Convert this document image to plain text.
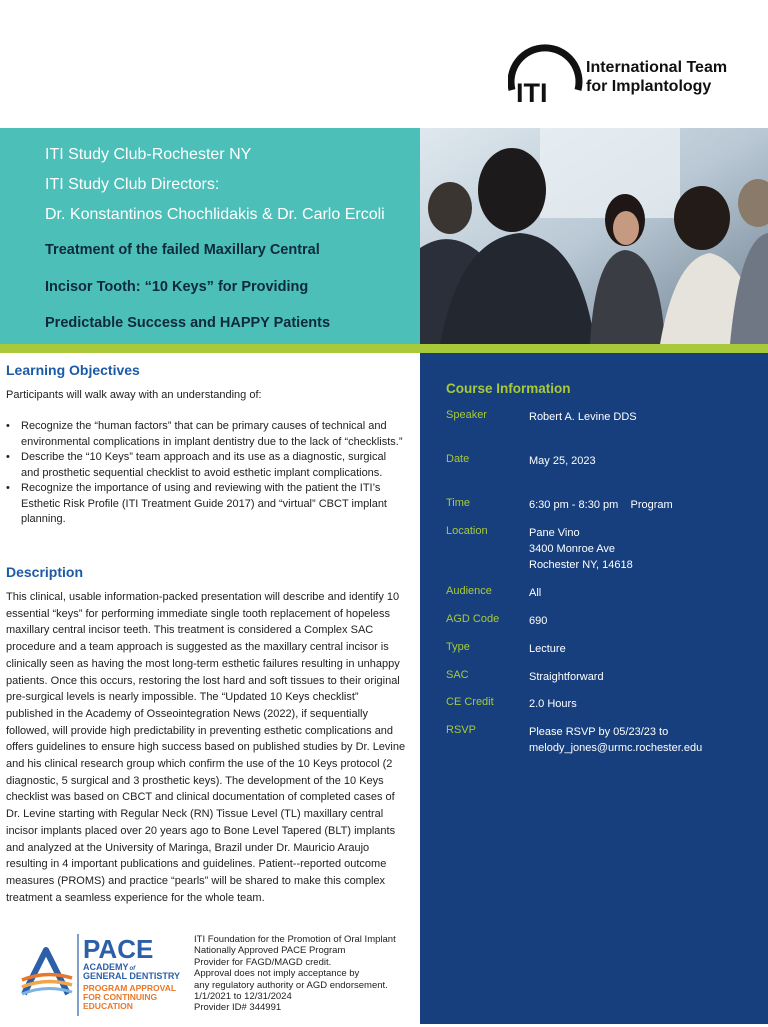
ITI
International Team
for Implantology
ITI Study Club-Rochester NY
ITI Study Club Directors:
Dr. Konstantinos Chochlidakis & Dr. Carlo Ercoli
Treatment of the failed Maxillary Central
Incisor Tooth: “10 Keys” for Providing
Predictable Success and HAPPY Patients
Learning Objectives
Participants will walk away with an understanding of:
• Recognize the “human factors” that can be primary causes of technical and environmental complications in implant dentistry due to the lack of “checklists.”
• Describe the “10 Keys” team approach and its use as a diagnostic, surgical and prosthetic sequential checklist to avoid esthetic implant complications.
• Recognize the importance of using and reviewing with the patient the ITI’s Esthetic Risk Profile (ITI Treatment Guide 2017) and “virtual” CBCT implant planning.
Description
This clinical, usable information-packed presentation will describe and identify 10 essential “keys” for performing immediate single tooth replacement of hopeless maxillary central incisor teeth. This treatment is considered a Complex SAC procedure and a team approach is suggested as the maxillary central incisor is clinically seen as having the most long-term esthetic failures resulting in unhappy patients. Once this occurs, restoring the lost hard and soft tissues to their original pre-surgical levels is nearly impossible. The “Updated 10 Keys checklist” published in the Academy of Osseointegration News (2022), if sequentially followed, will provide high predictability in preventing esthetic complications and offers guidelines to ensure high success based on published studies by Dr. Levine and his clinical research group which confirm the use of the 10 Keys protocol (2 diagnostic, 5 surgical and 3 prosthetic keys). The development of the 10 Keys checklist was based on CBCT and clinical documentation of completed cases of Dr. Levine starting with Regular Neck (RN) Tissue Level (TL) maxillary central incisor implants placed over 20 years ago to Bone Level Tapered (BLT) implants and analyzed at the University of Maringa, Brazil under Dr. Mauricio Araujo resulting in 4 important publications and guidelines. Patient--reported outcome measures (PROMS) and practice “pearls” will be shared to make this complex treatment a seamless experience for the whole team.
Course Information
Speaker	Robert A. Levine DDS
Date	May 25, 2023
Time	6:30 pm - 8:30 pm    Program
Location	Pane Vino
3400 Monroe Ave
Rochester NY, 14618
Audience	All
AGD Code	690
Type	Lecture
SAC	Straightforward
CE Credit	2.0 Hours
RSVP	Please RSVP by 05/23/23 to
melody_jones@urmc.rochester.edu
PACE
ACADEMYof
GENERAL DENTISTRY
PROGRAM APPROVAL
FOR CONTINUING
EDUCATION
ITI Foundation for the Promotion of Oral Implant
Nationally Approved PACE Program
Provider for FAGD/MAGD credit.
Approval does not imply acceptance by
any regulatory authority or AGD endorsement.
1/1/2021 to 12/31/2024
Provider ID# 344991
